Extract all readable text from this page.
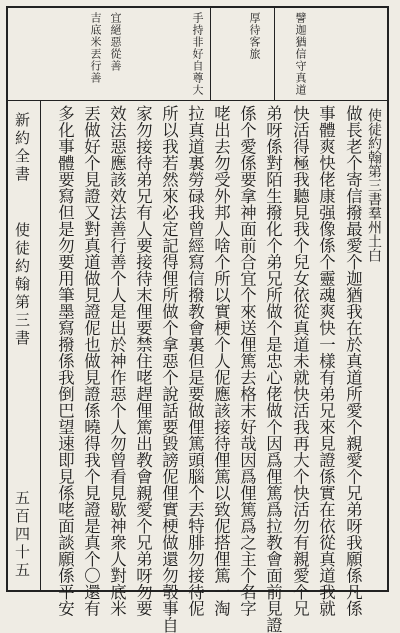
宜絕惡從善
吉底米丟行善	手持非好自尊大	厚待客旅	譬迦猶信守真道
使徒約翰第三書羣州土白
做長老个寄信撥最愛个迦猶我在於真道所愛个親愛个兄弟呀我願係凡係
事體爽快佬康强像係个靈魂爽快一樣有弟兄來見證係實在依從真道我就
快活得極我聽見我个兒女依從真道未就快活我再大个快活勿有親愛个兄
弟呀係對陌生撥化个弟兄所做个是忠心佬做个因爲俚篤爲拉教會面前見證
係个愛係要拿神面前合宜个來送俚篤去格末好哉因爲俚篤爲之主个名字
咾出去勿受外邦人啥个所以實梗个人伲應該接待俚篤以致伲搭俚篤一淘
拉真道裏勞碌我曾經寫信撥教會裏但是要做俚篤頭腦个丟特腓勿接待伲
所以我若然來必定記得俚所做个拿惡个說話要毀謗伲俚實梗做還勿彀事自
家勿接待弟兄有人要接待末俚要禁住咾趕俚篤出教會親愛个兄弟呀勿要
效法惡應該效法善行善个人是出於神作惡个人勿曾看見歇神衆人對底米
丟做好个見證又對真道做見證伲也做見證係曉得我个見證是真个〇還有
多化事體要寫但是勿要用筆墨寫撥係我倒巴望速即見係咾面談願係平安
新約全書
使徒約翰第三書
五百四十五
